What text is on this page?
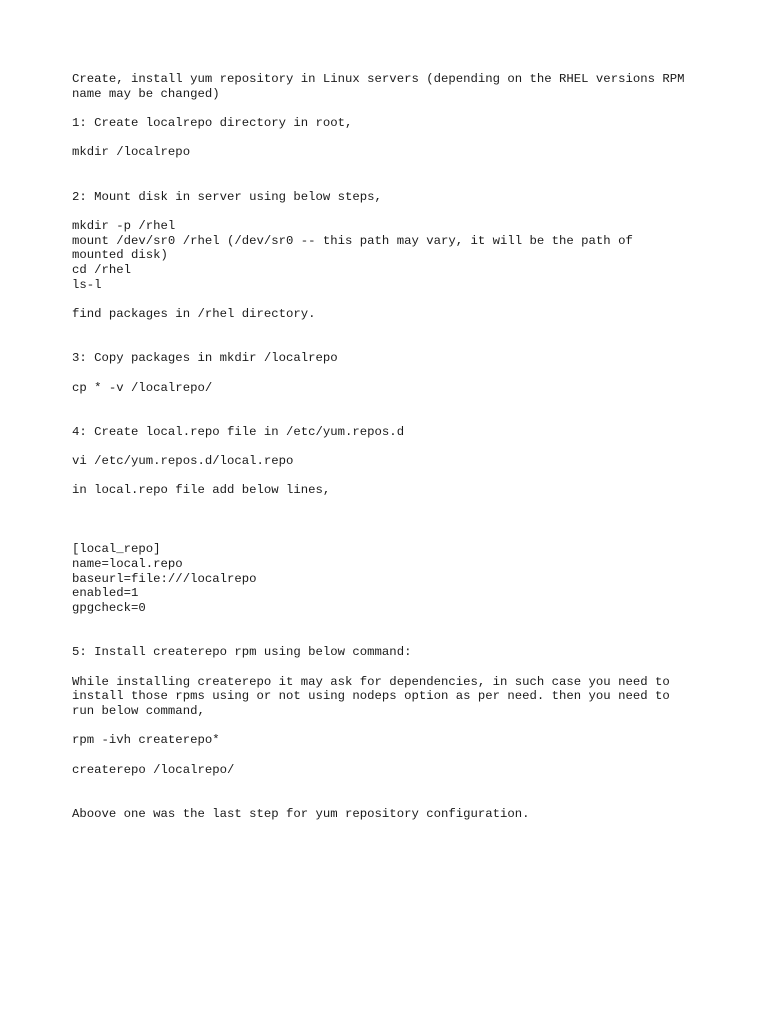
Create, install yum repository in Linux servers (depending on the RHEL versions RPM
name may be changed)
1: Create localrepo directory in root,
mkdir /localrepo
2: Mount disk in server using below steps,
mkdir -p /rhel
mount /dev/sr0 /rhel (/dev/sr0 -- this path may vary, it will be the path of
mounted disk)
cd /rhel
ls-l
find packages in /rhel directory.
3: Copy packages in mkdir /localrepo
cp * -v /localrepo/
4: Create local.repo file in /etc/yum.repos.d
vi /etc/yum.repos.d/local.repo
in local.repo file add below lines,
[local_repo]
name=local.repo
baseurl=file:///localrepo
enabled=1
gpgcheck=0
5: Install createrepo rpm using below command:
While installing createrepo it may ask for dependencies, in such case you need to
install those rpms using or not using nodeps option as per need. then you need to
run below command,
rpm -ivh createrepo*
createrepo /localrepo/
Aboove one was the last step for yum repository configuration.
